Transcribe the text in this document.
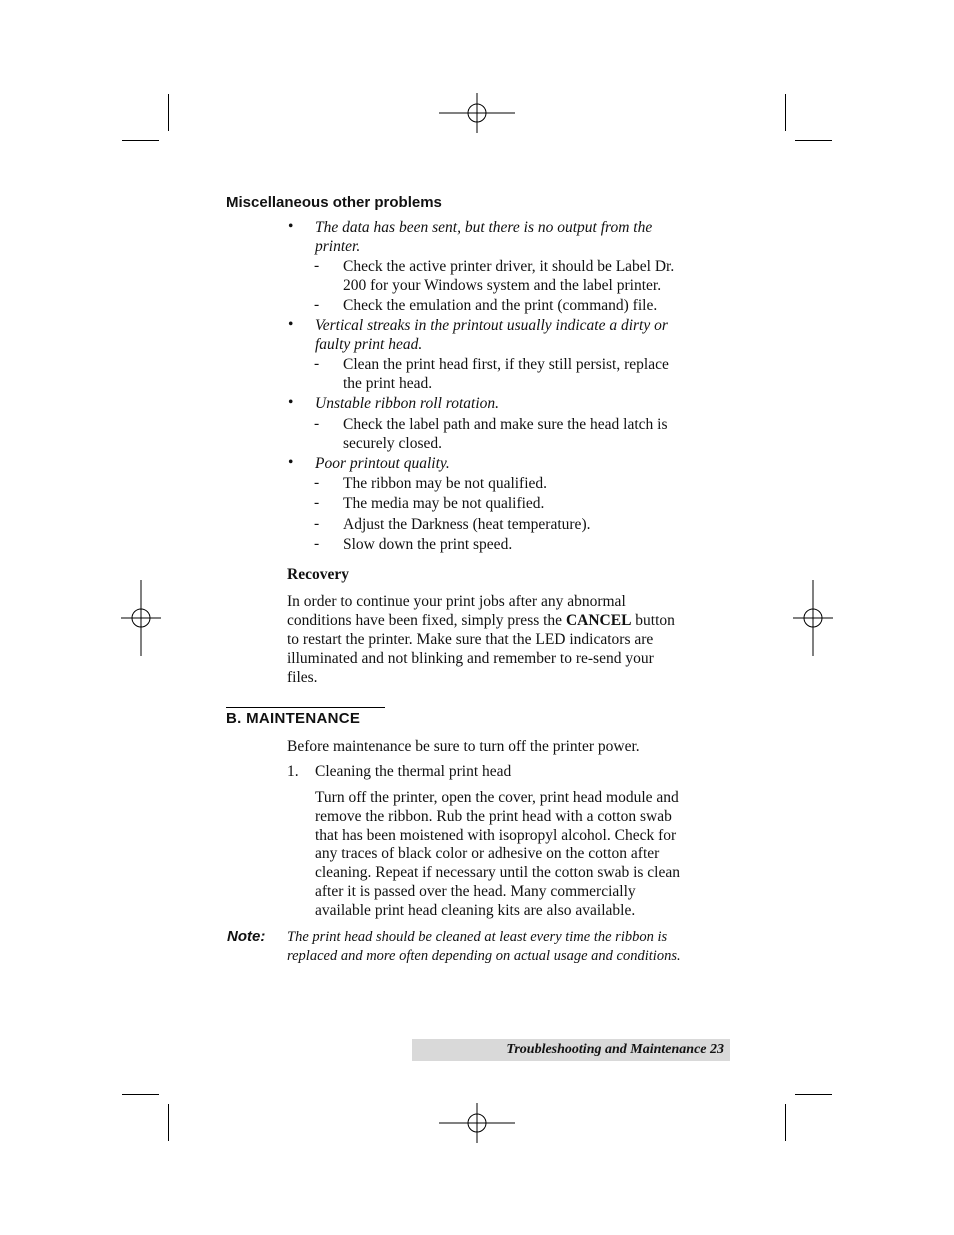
Miscellaneous other problems
• The data has been sent, but there is no output from the
printer.
- Check the active printer driver, it should be Label Dr.
200 for your Windows system and the label printer.
- Check the emulation and the print (command) file.
• Vertical streaks in the printout usually indicate a dirty or
faulty print head.
- Clean the print head first, if they still persist, replace
the print head.
• Unstable ribbon roll rotation.
- Check the label path and make sure the head latch is
securely closed.
• Poor printout quality.
- The ribbon may be not qualified.
- The media may be not qualified.
- Adjust the Darkness (heat temperature).
- Slow down the print speed.
Recovery
In order to continue your print jobs after any abnormal
conditions have been fixed, simply press the CANCEL button
to restart the printer. Make sure that the LED indicators are
illuminated and not blinking and remember to re-send your
files.
B. MAINTENANCE
Before maintenance be sure to turn off the printer power.
1. Cleaning the thermal print head
Turn off the printer, open the cover, print head module and
remove the ribbon. Rub the print head with a cotton swab
that has been moistened with isopropyl alcohol. Check for
any traces of black color or adhesive on the cotton after
cleaning. Repeat if necessary until the cotton swab is clean
after it is passed over the head. Many commercially
available print head cleaning kits are also available.
Note: The print head should be cleaned at least every time the ribbon is
replaced and more often depending on actual usage and conditions.
Troubleshooting and Maintenance 23
